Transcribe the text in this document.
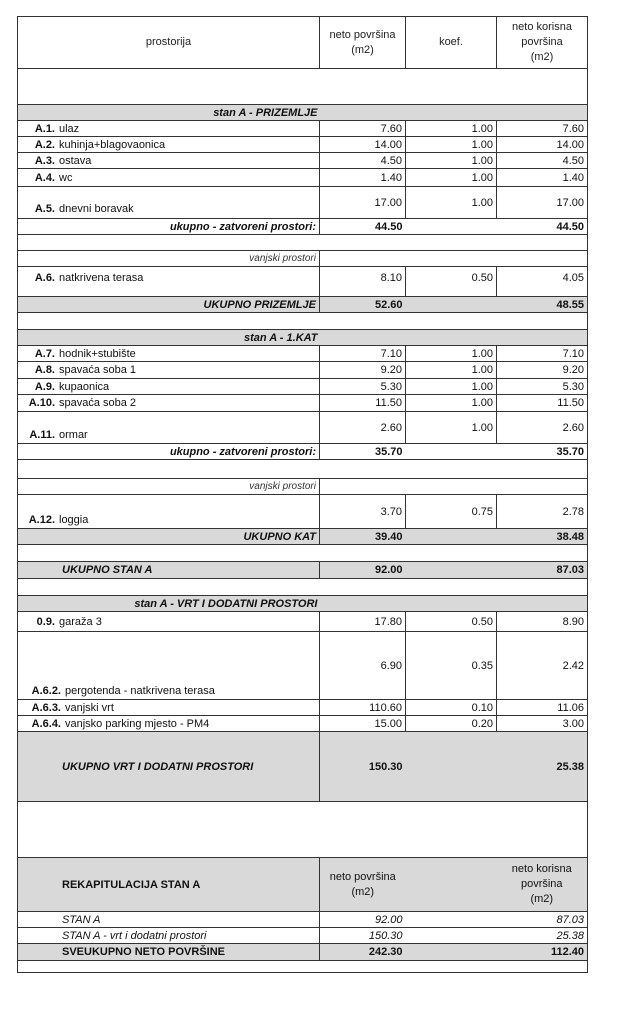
prostorija	neto površina
(m2)	koef.	neto korisna
površina
(m2)

stan A - PRIZEMLJE			
A.1. ulaz	7.60	1.00	7.60
A.2. kuhinja+blagovaonica	14.00	1.00	14.00
A.3. ostava	4.50	1.00	4.50
A.4. wc	1.40	1.00	1.40
A.5. dnevni boravak	17.00	1.00	17.00
ukupno - zatvoreni prostori:	44.50		44.50

vanjski prostori			
A.6. natkrivena terasa	8.10	0.50	4.05

UKUPNO PRIZEMLJE	52.60		48.55

stan A - 1.KAT			
A.7. hodnik+stubište	7.10	1.00	7.10
A.8. spavaća soba 1	9.20	1.00	9.20
A.9. kupaonica	5.30	1.00	5.30
A.10. spavaća soba 2	11.50	1.00	11.50
A.11. ormar	2.60	1.00	2.60
ukupno - zatvoreni prostori:	35.70		35.70

vanjski prostori			
A.12. loggia	3.70	0.75	2.78
UKUPNO KAT	39.40		38.48

UKUPNO STAN A	92.00		87.03

stan A - VRT I DODATNI PROSTORI			
0.9. garaža 3	17.80	0.50	8.90
A.6.2. pergotenda - natkrivena terasa	6.90	0.35	2.42
A.6.3. vanjski vrt	110.60	0.10	11.06
A.6.4. vanjsko parking mjesto - PM4	15.00	0.20	3.00
UKUPNO VRT I DODATNI PROSTORI	150.30		25.38

REKAPITULACIJA STAN A	neto površina
(m2)		neto korisna
površina
(m2)
STAN A	92.00		87.03
STAN A - vrt i dodatni prostori	150.30		25.38
SVEUKUPNO NETO POVRŠINE	242.30		112.40
